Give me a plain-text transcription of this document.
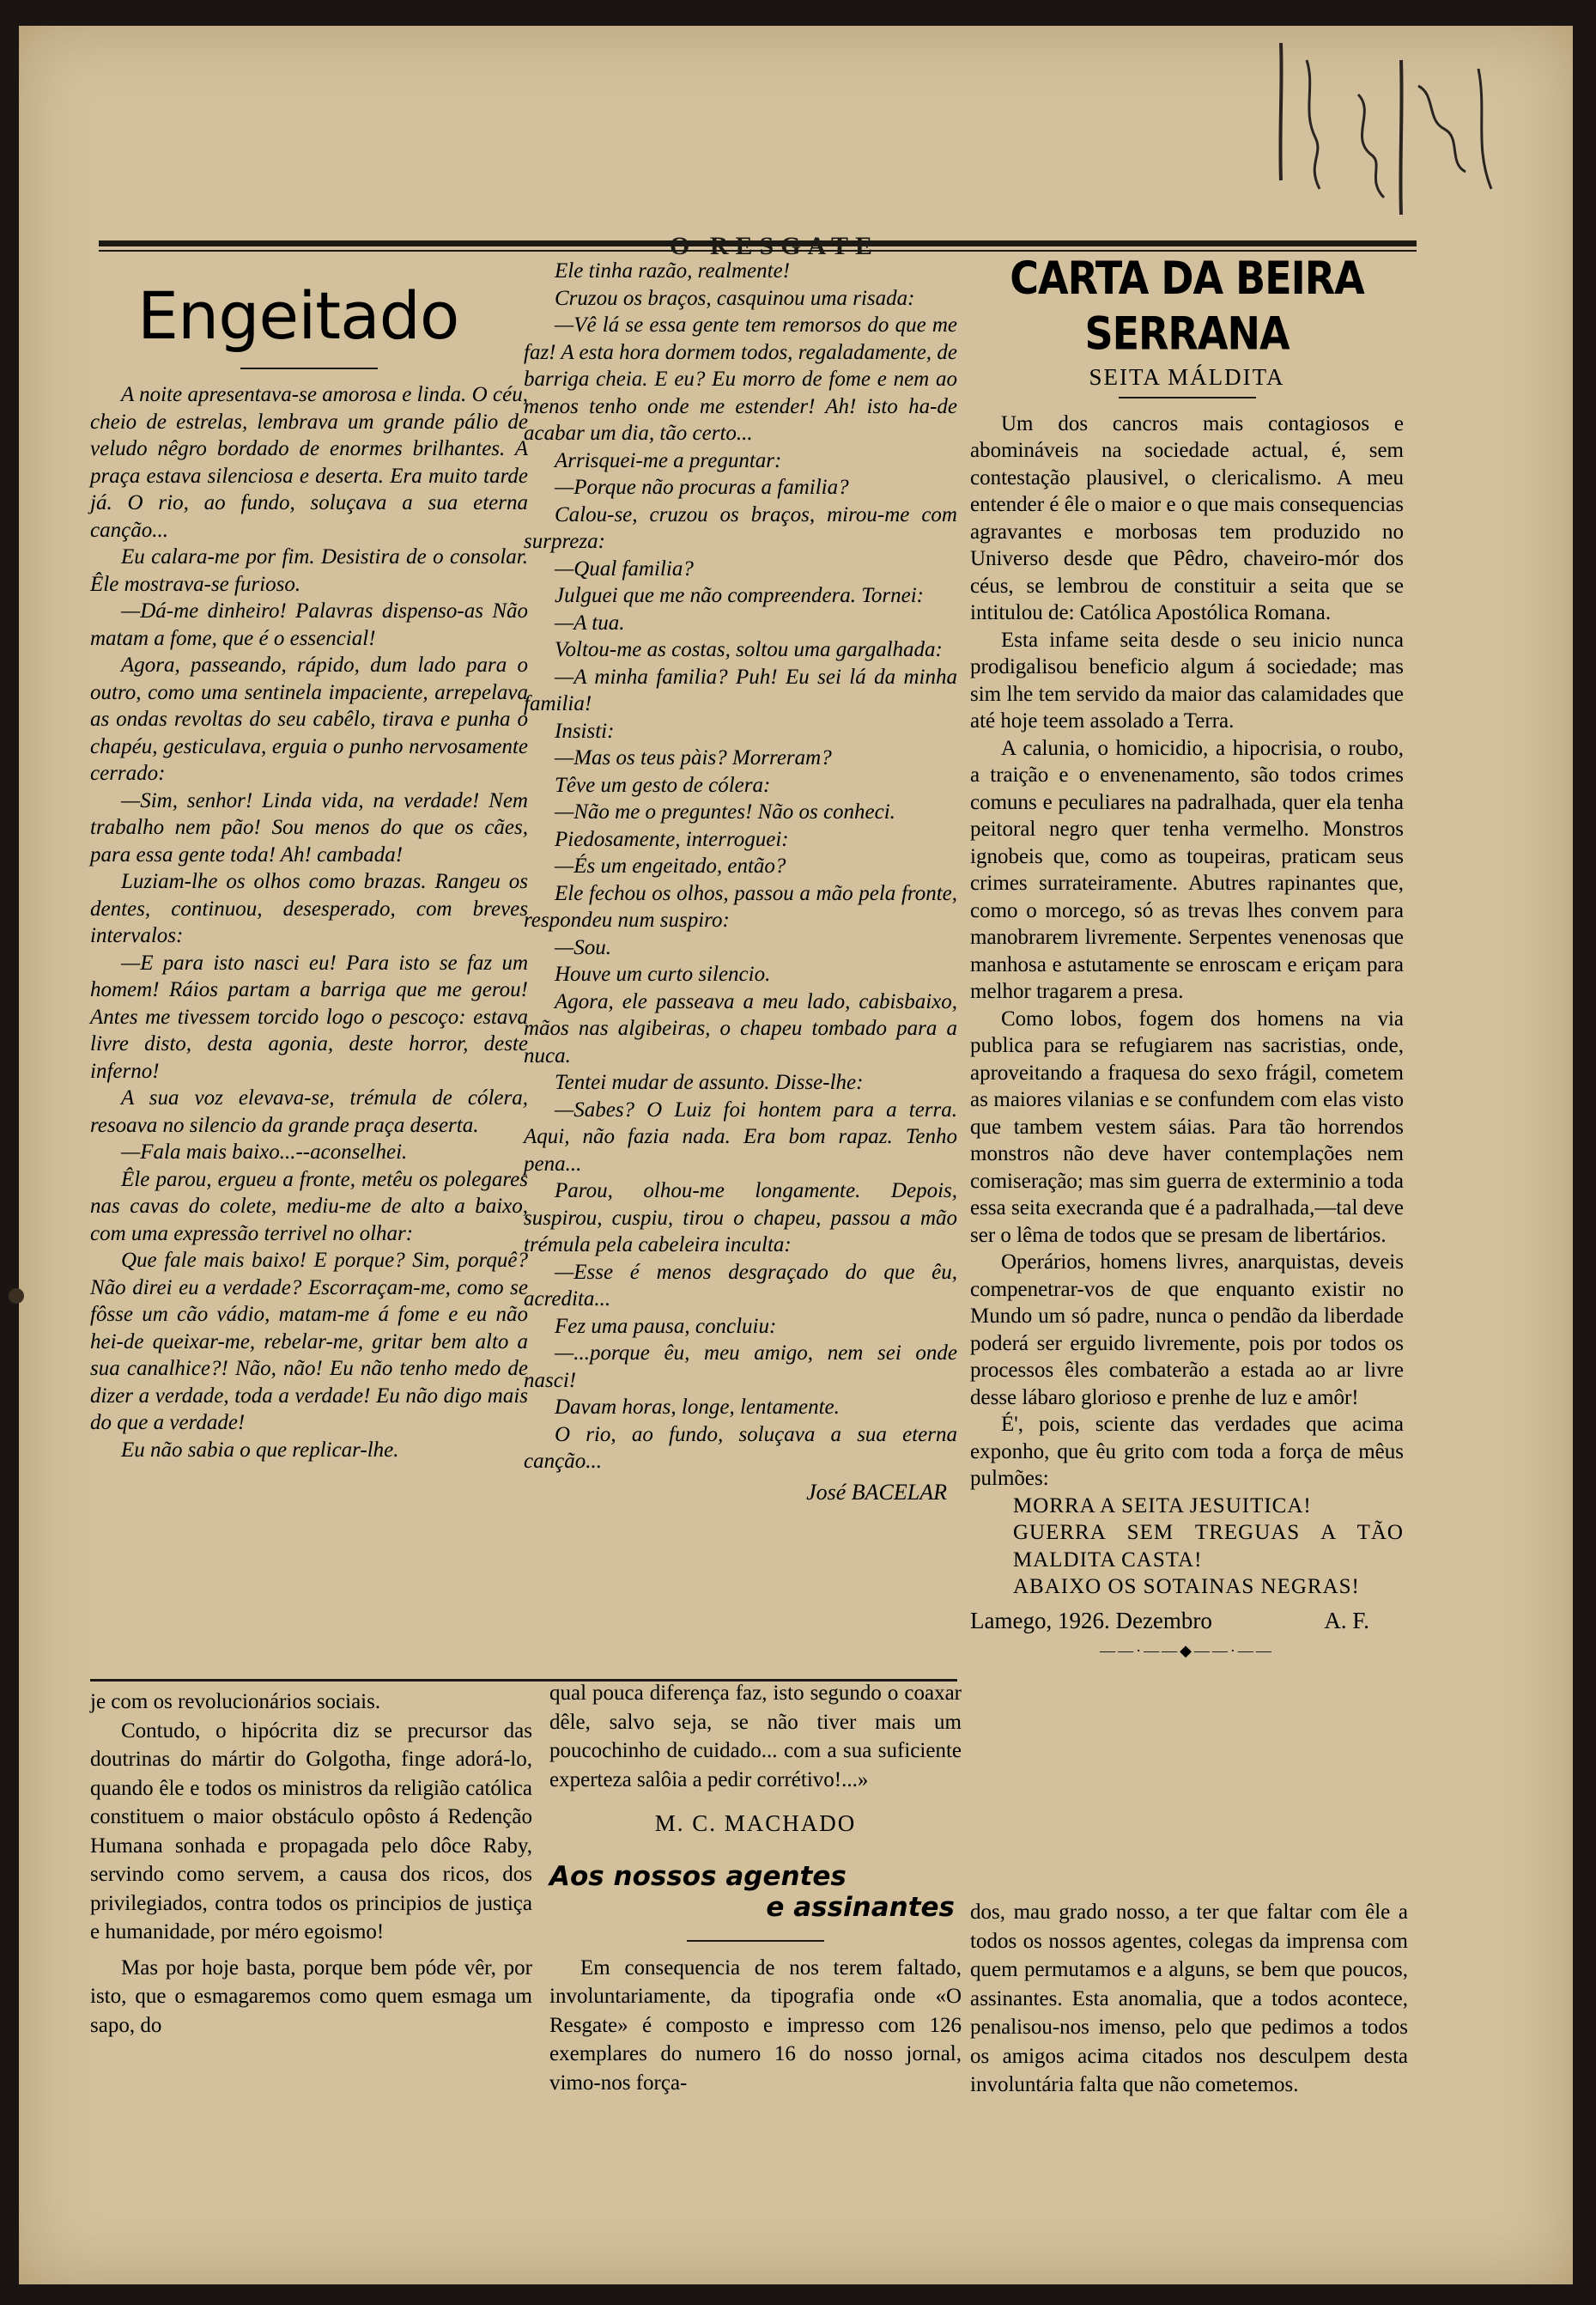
Engeitado

A noite apresentava-se amorosa e linda. O céu, cheio de estrelas, lembrava um grande pálio de veludo nêgro bordado de enormes brilhantes. A praça estava silenciosa e deserta. Era muito tarde já. O rio, ao fundo, soluçava a sua eterna canção...

Eu calara-me por fim. Desistira de o consolar. Êle mostrava-se furioso.

—Dá-me dinheiro! Palavras dispenso-as Não matam a fome, que é o essencial!

Agora, passeando, rápido, dum lado para o outro, como uma sentinela impaciente, arrepelava as ondas revoltas do seu cabêlo, tirava e punha o chapéu, gesticulava, erguia o punho nervosamente cerrado:

—Sim, senhor! Linda vida, na verdade! Nem trabalho nem pão! Sou menos do que os cães, para essa gente toda! Ah! cambada!

Luziam-lhe os olhos como brazas. Rangeu os dentes, continuou, desesperado, com breves intervalos:

—E para isto nasci eu! Para isto se faz um homem! Ráios partam a barriga que me gerou! Antes me tivessem torcido logo o pescoço: estava livre disto, desta agonia, deste horror, deste inferno!

A sua voz elevava-se, trémula de cólera, resoava no silencio da grande praça deserta.

—Fala mais baixo...--aconselhei.

Êle parou, ergueu a fronte, metêu os polegares nas cavas do colete, mediu-me de alto a baixo, com uma expressão terrivel no olhar:

Que fale mais baixo! E porque? Sim, porquê? Não direi eu a verdade? Escorraçam-me, como se fôsse um cão vádio, matam-me á fome e eu não hei-de queixar-me, rebelar-me, gritar bem alto a sua canalhice?! Não, não! Eu não tenho medo de dizer a verdade, toda a verdade! Eu não digo mais do que a verdade!

Eu não sabia o que replicar-lhe.

Ele tinha razão, realmente!

Cruzou os braços, casquinou uma risada:

—Vê lá se essa gente tem remorsos do que me faz! A esta hora dormem todos, regaladamente, de barriga cheia. E eu? Eu morro de fome e nem ao menos tenho onde me estender! Ah! isto ha-de acabar um dia, tão certo...

Arrisquei-me a preguntar:

—Porque não procuras a familia?

Calou-se, cruzou os braços, mirou-me com surpreza:

—Qual familia?

Julguei que me não compreendera. Tornei:

—A tua.

Voltou-me as costas, soltou uma gargalhada:

—A minha familia? Puh! Eu sei lá da minha familia!

Insisti:

—Mas os teus pàis? Morreram?

Têve um gesto de cólera:

—Não me o preguntes! Não os conheci.

Piedosamente, interroguei:

—És um engeitado, então?

Ele fechou os olhos, passou a mão pela fronte, respondeu num suspiro:

—Sou.

Houve um curto silencio.

Agora, ele passeava a meu lado, cabisbaixo, mãos nas algibeiras, o chapeu tombado para a nuca.

Tentei mudar de assunto. Disse-lhe:

—Sabes? O Luiz foi hontem para a terra. Aqui, não fazia nada. Era bom rapaz. Tenho pena...

Parou, olhou-me longamente. Depois, suspirou, cuspiu, tirou o chapeu, passou a mão trémula pela cabeleira inculta:

—Esse é menos desgraçado do que êu, acredita...

Fez uma pausa, concluiu:

—...porque êu, meu amigo, nem sei onde nasci!

Davam horas, longe, lentamente.

O rio, ao fundo, soluçava a sua eterna canção...

José BACELAR
CARTA DA BEIRA SERRANA
SEITA MÁLDITA

Um dos cancros mais contagiosos e abomináveis na sociedade actual, é, sem contestação plausivel, o clericalismo. A meu entender é êle o maior e o que mais consequencias agravantes e morbosas tem produzido no Universo desde que Pêdro, chaveiro-mór dos céus, se lembrou de constituir a seita que se intitulou de: Católica Apostólica Romana.

Esta infame seita desde o seu inicio nunca prodigalisou beneficio algum á sociedade; mas sim lhe tem servido da maior das calamidades que até hoje teem assolado a Terra.

A calunia, o homicidio, a hipocrisia, o roubo, a traição e o envenenamento, são todos crimes comuns e peculiares na padralhada, quer ela tenha peitoral negro quer tenha vermelho. Monstros ignobeis que, como as toupeiras, praticam seus crimes surrateiramente. Abutres rapinantes que, como o morcego, só as trevas lhes convem para manobrarem livremente. Serpentes venenosas que manhosa e astutamente se enroscam e eriçam para melhor tragarem a presa.

Como lobos, fogem dos homens na via publica para se refugiarem nas sacristias, onde, aproveitando a fraquesa do sexo frágil, cometem as maiores vilanias e se confundem com elas visto que tambem vestem sáias. Para tão horrendos monstros não deve haver contemplações nem comiseração; mas sim guerra de exterminio a toda essa seita execranda que é a padralhada,—tal deve ser o lêma de todos que se presam de libertários.

Operários, homens livres, anarquistas, deveis compenetrar-vos de que enquanto existir no Mundo um só padre, nunca o pendão da liberdade poderá ser erguido livremente, pois por todos os processos êles combaterão a estada ao ar livre desse lábaro glorioso e prenhe de luz e amôr!

É', pois, sciente das verdades que acima exponho, que êu grito com toda a força de mêus pulmões:

MORRA A SEITA JESUITICA!

GUERRA SEM TREGUAS A TÃO MALDITA CASTA!

ABAIXO OS SOTAINAS NEGRAS!

Lamego, 1926. Dezembro	A. F.
——·——◆——·——

je com os revolucionários sociais.

Contudo, o hipócrita diz se precursor das doutrinas do mártir do Golgotha, finge adorá-lo, quando êle e todos os ministros da religião católica constituem o maior obstáculo opôsto á Redenção Humana sonhada e propagada pelo dôce Raby, servindo como servem, a causa dos ricos, dos privilegiados, contra todos os principios de justiça e humanidade, por méro egoismo!

Mas por hoje basta, porque bem póde vêr, por isto, que o esmagaremos como quem esmaga um sapo, do

qual pouca diferença faz, isto segundo o coaxar dêle, salvo seja, se não tiver mais um poucochinho de cuidado... com a sua suficiente experteza salôia a pedir corrétivo!...»

M. C. MACHADO
Aos nossos agentes
e assinantes

Em consequencia de nos terem faltado, involuntariamente, da tipografia onde «O Resgate» é composto e impresso com 126 exemplares do numero 16 do nosso jornal, vimo-nos força-

dos, mau grado nosso, a ter que faltar com êle a todos os nossos agentes, colegas da imprensa com quem permutamos e a alguns, se bem que poucos, assinantes. Esta anomalia, que a todos acontece, penalisou-nos imenso, pelo que pedimos a todos os amigos acima citados nos desculpem desta involuntária falta que não cometemos.
